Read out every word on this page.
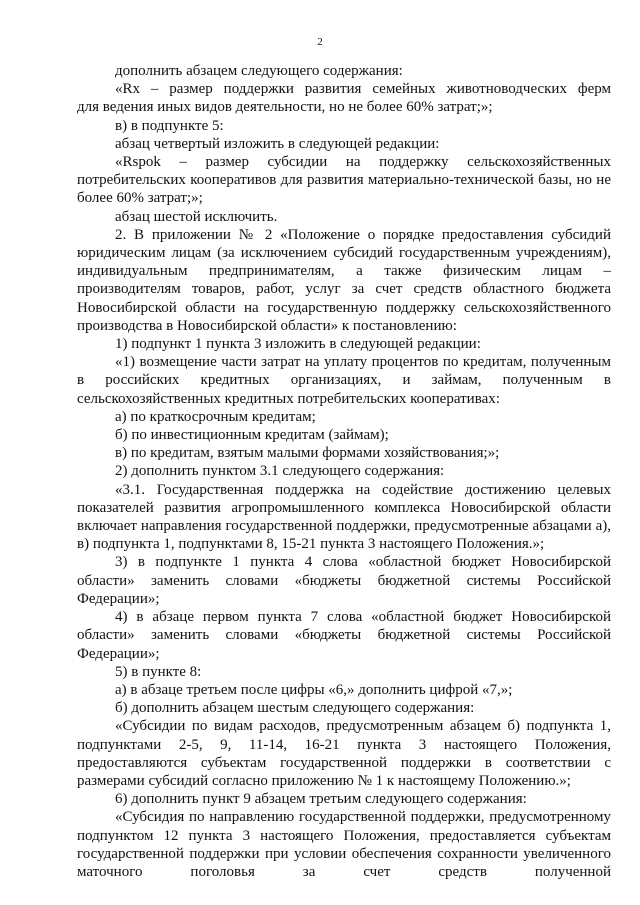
2

дополнить абзацем следующего содержания:

«Rx – размер поддержки развития семейных животноводческих ферм

для ведения иных видов деятельности, но не более 60% затрат;»;

в) в подпункте 5:

абзац четвертый изложить в следующей редакции:

«Rspok – размер субсидии на поддержку сельскохозяйственных потребительских кооперативов для развития материально-технической базы, но не более 60% затрат;»;

абзац шестой исключить.

2. В приложении № 2 «Положение о порядке предоставления субсидий юридическим лицам (за исключением субсидий государственным учреждениям), индивидуальным предпринимателям, а также физическим лицам – производителям товаров, работ, услуг за счет средств областного бюджета Новосибирской области на государственную поддержку сельскохозяйственного производства в Новосибирской области» к постановлению:

1) подпункт 1 пункта 3 изложить в следующей редакции:

«1) возмещение части затрат на уплату процентов по кредитам, полученным в российских кредитных организациях, и займам, полученным в сельскохозяйственных кредитных потребительских кооперативах:

а) по краткосрочным кредитам;

б) по инвестиционным кредитам (займам);

в) по кредитам, взятым малыми формами хозяйствования;»;

2) дополнить пунктом 3.1 следующего содержания:

«3.1. Государственная поддержка на содействие достижению целевых показателей развития агропромышленного комплекса Новосибирской области включает направления государственной поддержки, предусмотренные абзацами а), в) подпункта 1, подпунктами 8, 15-21 пункта 3 настоящего Положения.»;

3) в подпункте 1 пункта 4 слова «областной бюджет Новосибирской области» заменить словами «бюджеты бюджетной системы Российской Федерации»;

4) в абзаце первом пункта 7 слова «областной бюджет Новосибирской области» заменить словами «бюджеты бюджетной системы Российской Федерации»;

5) в пункте 8:

а) в абзаце третьем после цифры «6,» дополнить цифрой «7,»;

б) дополнить абзацем шестым следующего содержания:

«Субсидии по видам расходов, предусмотренным абзацем б) подпункта 1, подпунктами 2-5, 9, 11-14, 16-21 пункта 3 настоящего Положения, предоставляются субъектам государственной поддержки в соответствии с размерами субсидий согласно приложению № 1 к настоящему Положению.»;

6) дополнить пункт 9 абзацем третьим следующего содержания:

«Субсидия по направлению государственной поддержки, предусмотренному подпунктом 12 пункта 3 настоящего Положения, предоставляется субъектам государственной поддержки при условии обеспечения сохранности увеличенного маточного поголовья за счет средств полученной
